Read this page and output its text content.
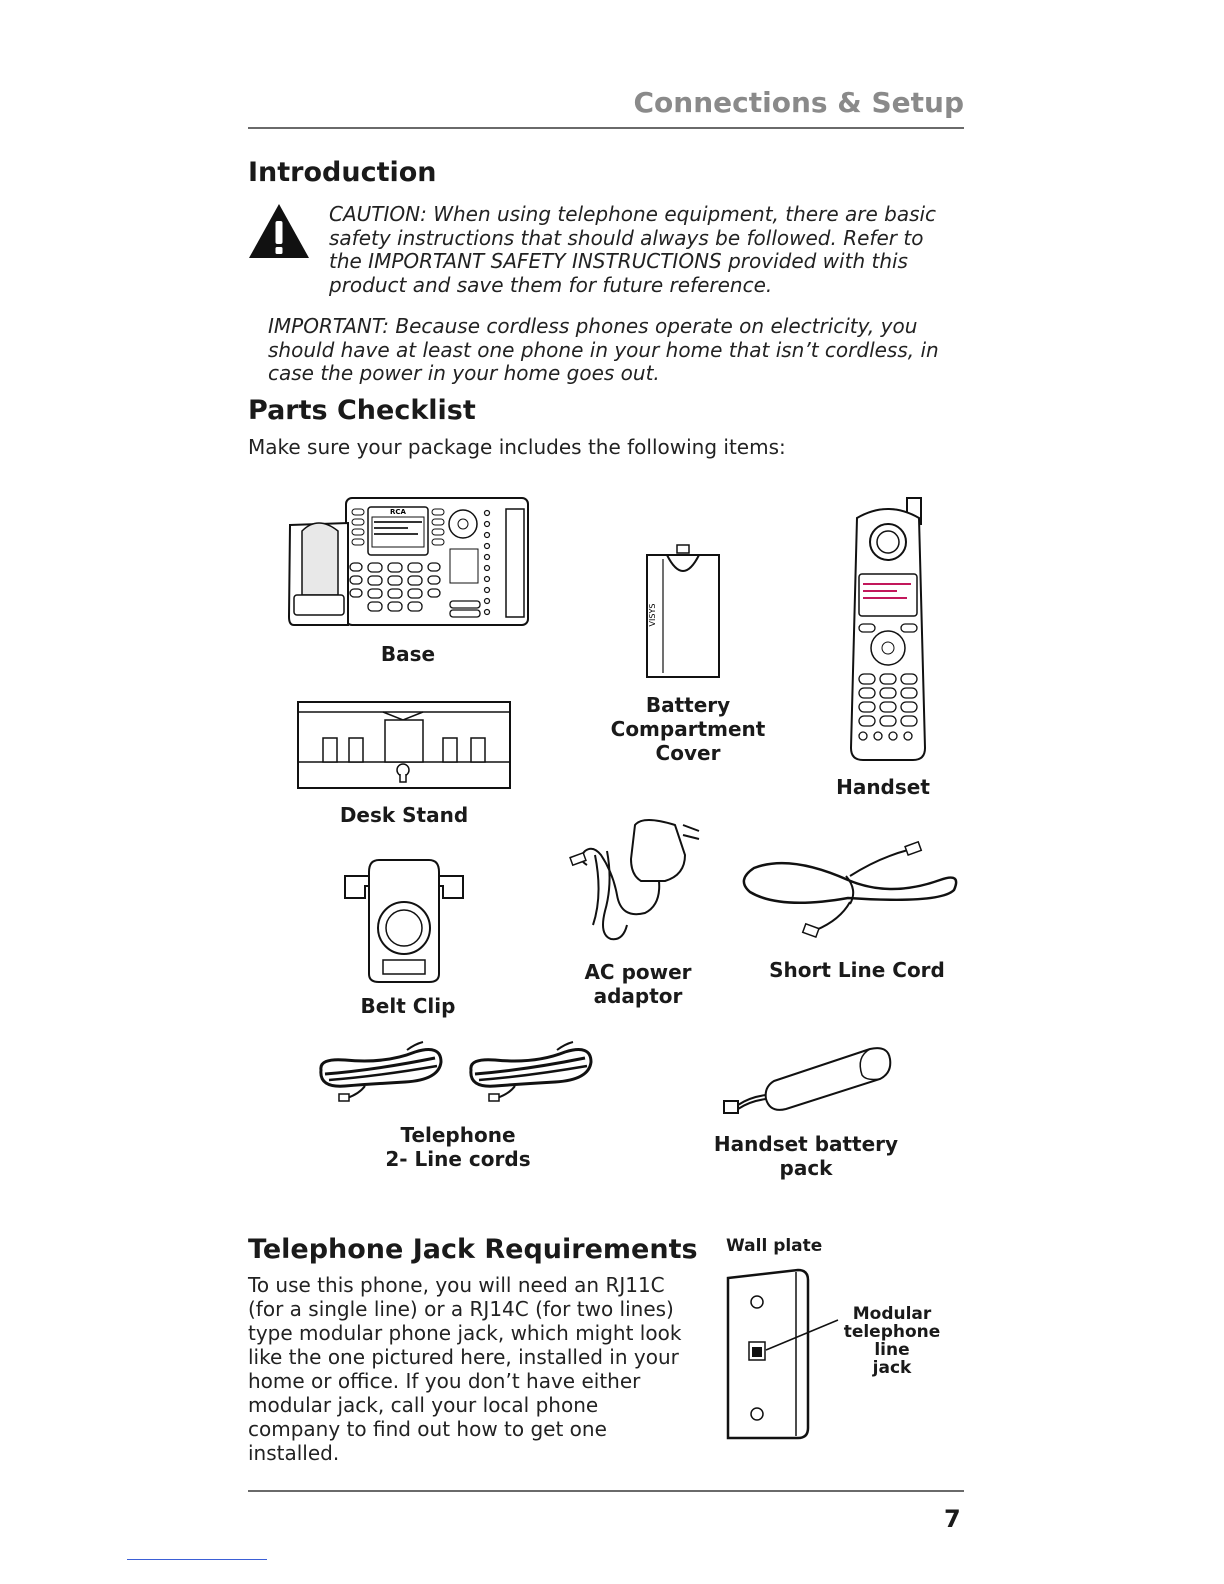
Connections & Setup
Introduction
CAUTION: When using telephone equipment, there are basic safety instructions that should always be followed. Refer to the IMPORTANT SAFETY INSTRUCTIONS provided with this product and save them for future reference.
IMPORTANT: Because cordless phones operate on electricity, you should have at least one phone in your home that isn’t cordless, in case the power in your home goes out.
Parts Checklist
Make sure your package includes the following items:
RCA
Base
VISYS
Battery
Compartment
Cover
Handset
Desk Stand
Belt Clip
AC power
adaptor
Short Line Cord
Telephone
2- Line cords
Handset battery
pack
Telephone Jack Requirements
To use this phone, you will need an RJ11C (for a single line) or a RJ14C (for two lines) type modular phone jack, which might look like the one pictured here, installed in your home or office. If you don’t have either modular jack, call your local phone company to find out how to get one installed.
Wall plate
Modular
telephone line
jack
7
